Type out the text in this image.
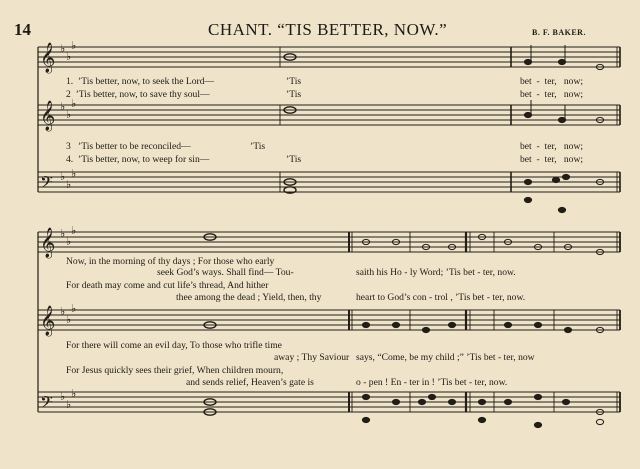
14	CHANT. “TIS BETTER, NOW.”	B. F. BAKER.
𝄞
𝄞
𝄢
𝄞
𝄞
𝄢
♭
♭
♭
♭
♭
♭
♭
♭
♭
♭
♭
♭
♭
♭
♭
♭
♭
♭
1. ’Tis better, now, to seek the Lord—	’Tis	bet - ter, now;
2 ’Tis better, now, to save thy soul—	’Tis	bet - ter, now;
3 ’Tis better to be reconciled—	’Tis	bet - ter, now;
4. ’Tis better, now, to weep for sin—	’Tis	bet - ter, now;
Now, in the morning of thy days ; For those who early
seek God’s ways. Shall find— Tou-	saith his Ho - ly Word; ’Tis bet - ter, now.
For death may come and cut life’s thread, And hither
thee among the dead ; Yield, then, thy	heart to God’s con - trol , ’Tis bet - ter, now.
For there will come an evil day, To those who trifle time
away ; Thy Saviour says, “Come, be my child ;” ’Tis bet - ter, now
For Jesus quickly sees their grief, When children mourn,
and sends relief, Heaven’s gate is	o - pen ! En - ter in ! ’Tis bet - ter, now.
